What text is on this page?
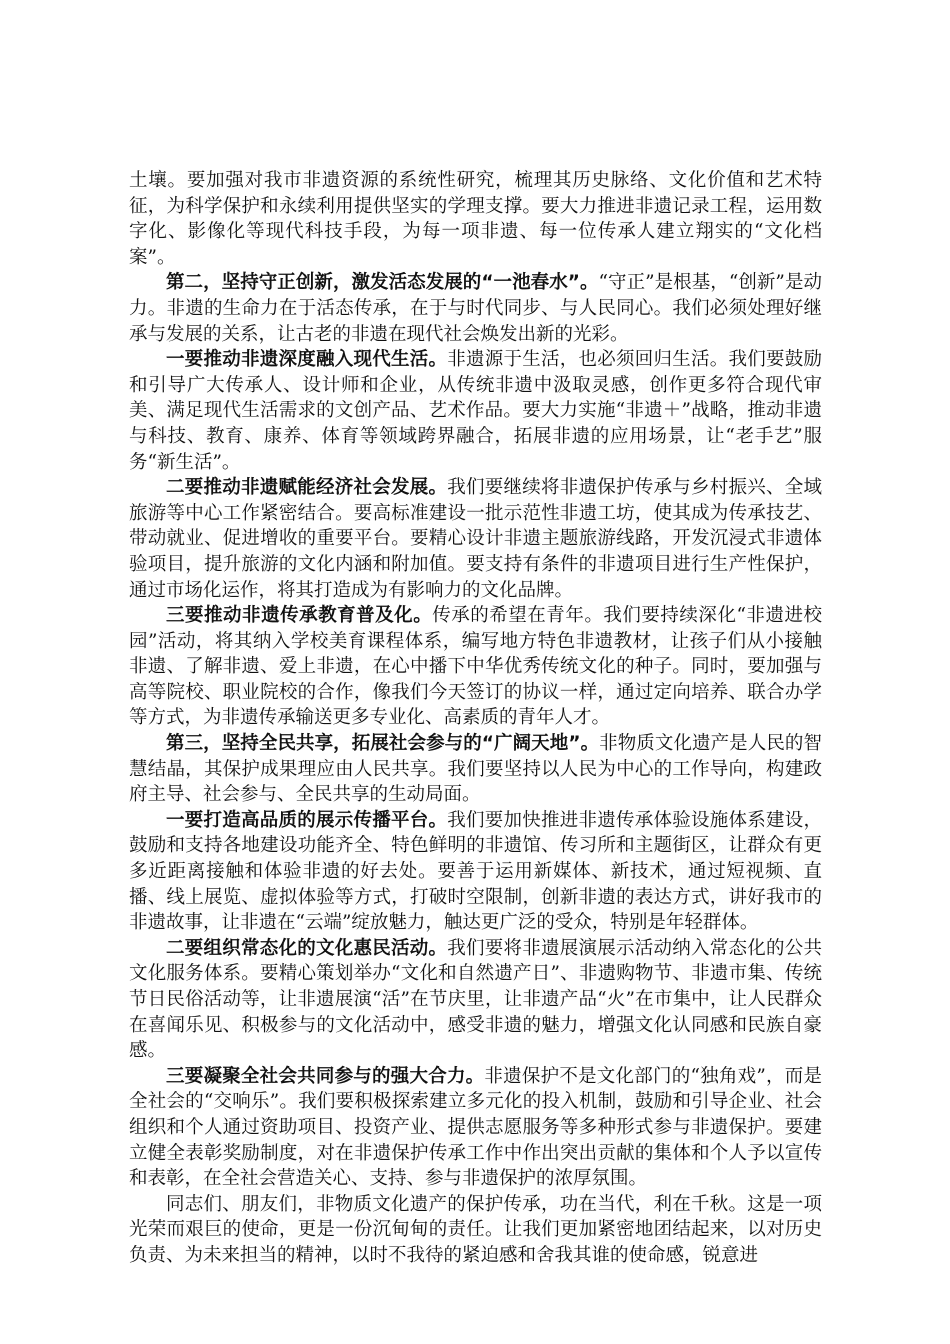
土壤。要加强对我市非遗资源的系统性研究，梳理其历史脉络、文化价值和艺术特征，为科学保护和永续利用提供坚实的学理支撑。要大力推进非遗记录工程，运用数字化、影像化等现代科技手段，为每一项非遗、每一位传承人建立翔实的“文化档案”。

第二，坚持守正创新，激发活态发展的“一池春水”。“守正”是根基，“创新”是动力。非遗的生命力在于活态传承，在于与时代同步、与人民同心。我们必须处理好继承与发展的关系，让古老的非遗在现代社会焕发出新的光彩。

一要推动非遗深度融入现代生活。非遗源于生活，也必须回归生活。我们要鼓励和引导广大传承人、设计师和企业，从传统非遗中汲取灵感，创作更多符合现代审美、满足现代生活需求的文创产品、艺术作品。要大力实施“非遗＋”战略，推动非遗与科技、教育、康养、体育等领域跨界融合，拓展非遗的应用场景，让“老手艺”服务“新生活”。

二要推动非遗赋能经济社会发展。我们要继续将非遗保护传承与乡村振兴、全域旅游等中心工作紧密结合。要高标准建设一批示范性非遗工坊，使其成为传承技艺、带动就业、促进增收的重要平台。要精心设计非遗主题旅游线路，开发沉浸式非遗体验项目，提升旅游的文化内涵和附加值。要支持有条件的非遗项目进行生产性保护，通过市场化运作，将其打造成为有影响力的文化品牌。

三要推动非遗传承教育普及化。传承的希望在青年。我们要持续深化“非遗进校园”活动，将其纳入学校美育课程体系，编写地方特色非遗教材，让孩子们从小接触非遗、了解非遗、爱上非遗，在心中播下中华优秀传统文化的种子。同时，要加强与高等院校、职业院校的合作，像我们今天签订的协议一样，通过定向培养、联合办学等方式，为非遗传承输送更多专业化、高素质的青年人才。

第三，坚持全民共享，拓展社会参与的“广阔天地”。非物质文化遗产是人民的智慧结晶，其保护成果理应由人民共享。我们要坚持以人民为中心的工作导向，构建政府主导、社会参与、全民共享的生动局面。

一要打造高品质的展示传播平台。我们要加快推进非遗传承体验设施体系建设，鼓励和支持各地建设功能齐全、特色鲜明的非遗馆、传习所和主题街区，让群众有更多近距离接触和体验非遗的好去处。要善于运用新媒体、新技术，通过短视频、直播、线上展览、虚拟体验等方式，打破时空限制，创新非遗的表达方式，讲好我市的非遗故事，让非遗在“云端”绽放魅力，触达更广泛的受众，特别是年轻群体。

二要组织常态化的文化惠民活动。我们要将非遗展演展示活动纳入常态化的公共文化服务体系。要精心策划举办“文化和自然遗产日”、非遗购物节、非遗市集、传统节日民俗活动等，让非遗展演“活”在节庆里，让非遗产品“火”在市集中，让人民群众在喜闻乐见、积极参与的文化活动中，感受非遗的魅力，增强文化认同感和民族自豪感。

三要凝聚全社会共同参与的强大合力。非遗保护不是文化部门的“独角戏”，而是全社会的“交响乐”。我们要积极探索建立多元化的投入机制，鼓励和引导企业、社会组织和个人通过资助项目、投资产业、提供志愿服务等多种形式参与非遗保护。要建立健全表彰奖励制度，对在非遗保护传承工作中作出突出贡献的集体和个人予以宣传和表彰，在全社会营造关心、支持、参与非遗保护的浓厚氛围。

同志们、朋友们，非物质文化遗产的保护传承，功在当代，利在千秋。这是一项光荣而艰巨的使命，更是一份沉甸甸的责任。让我们更加紧密地团结起来，以对历史负责、为未来担当的精神，以时不我待的紧迫感和舍我其谁的使命感，锐意进
